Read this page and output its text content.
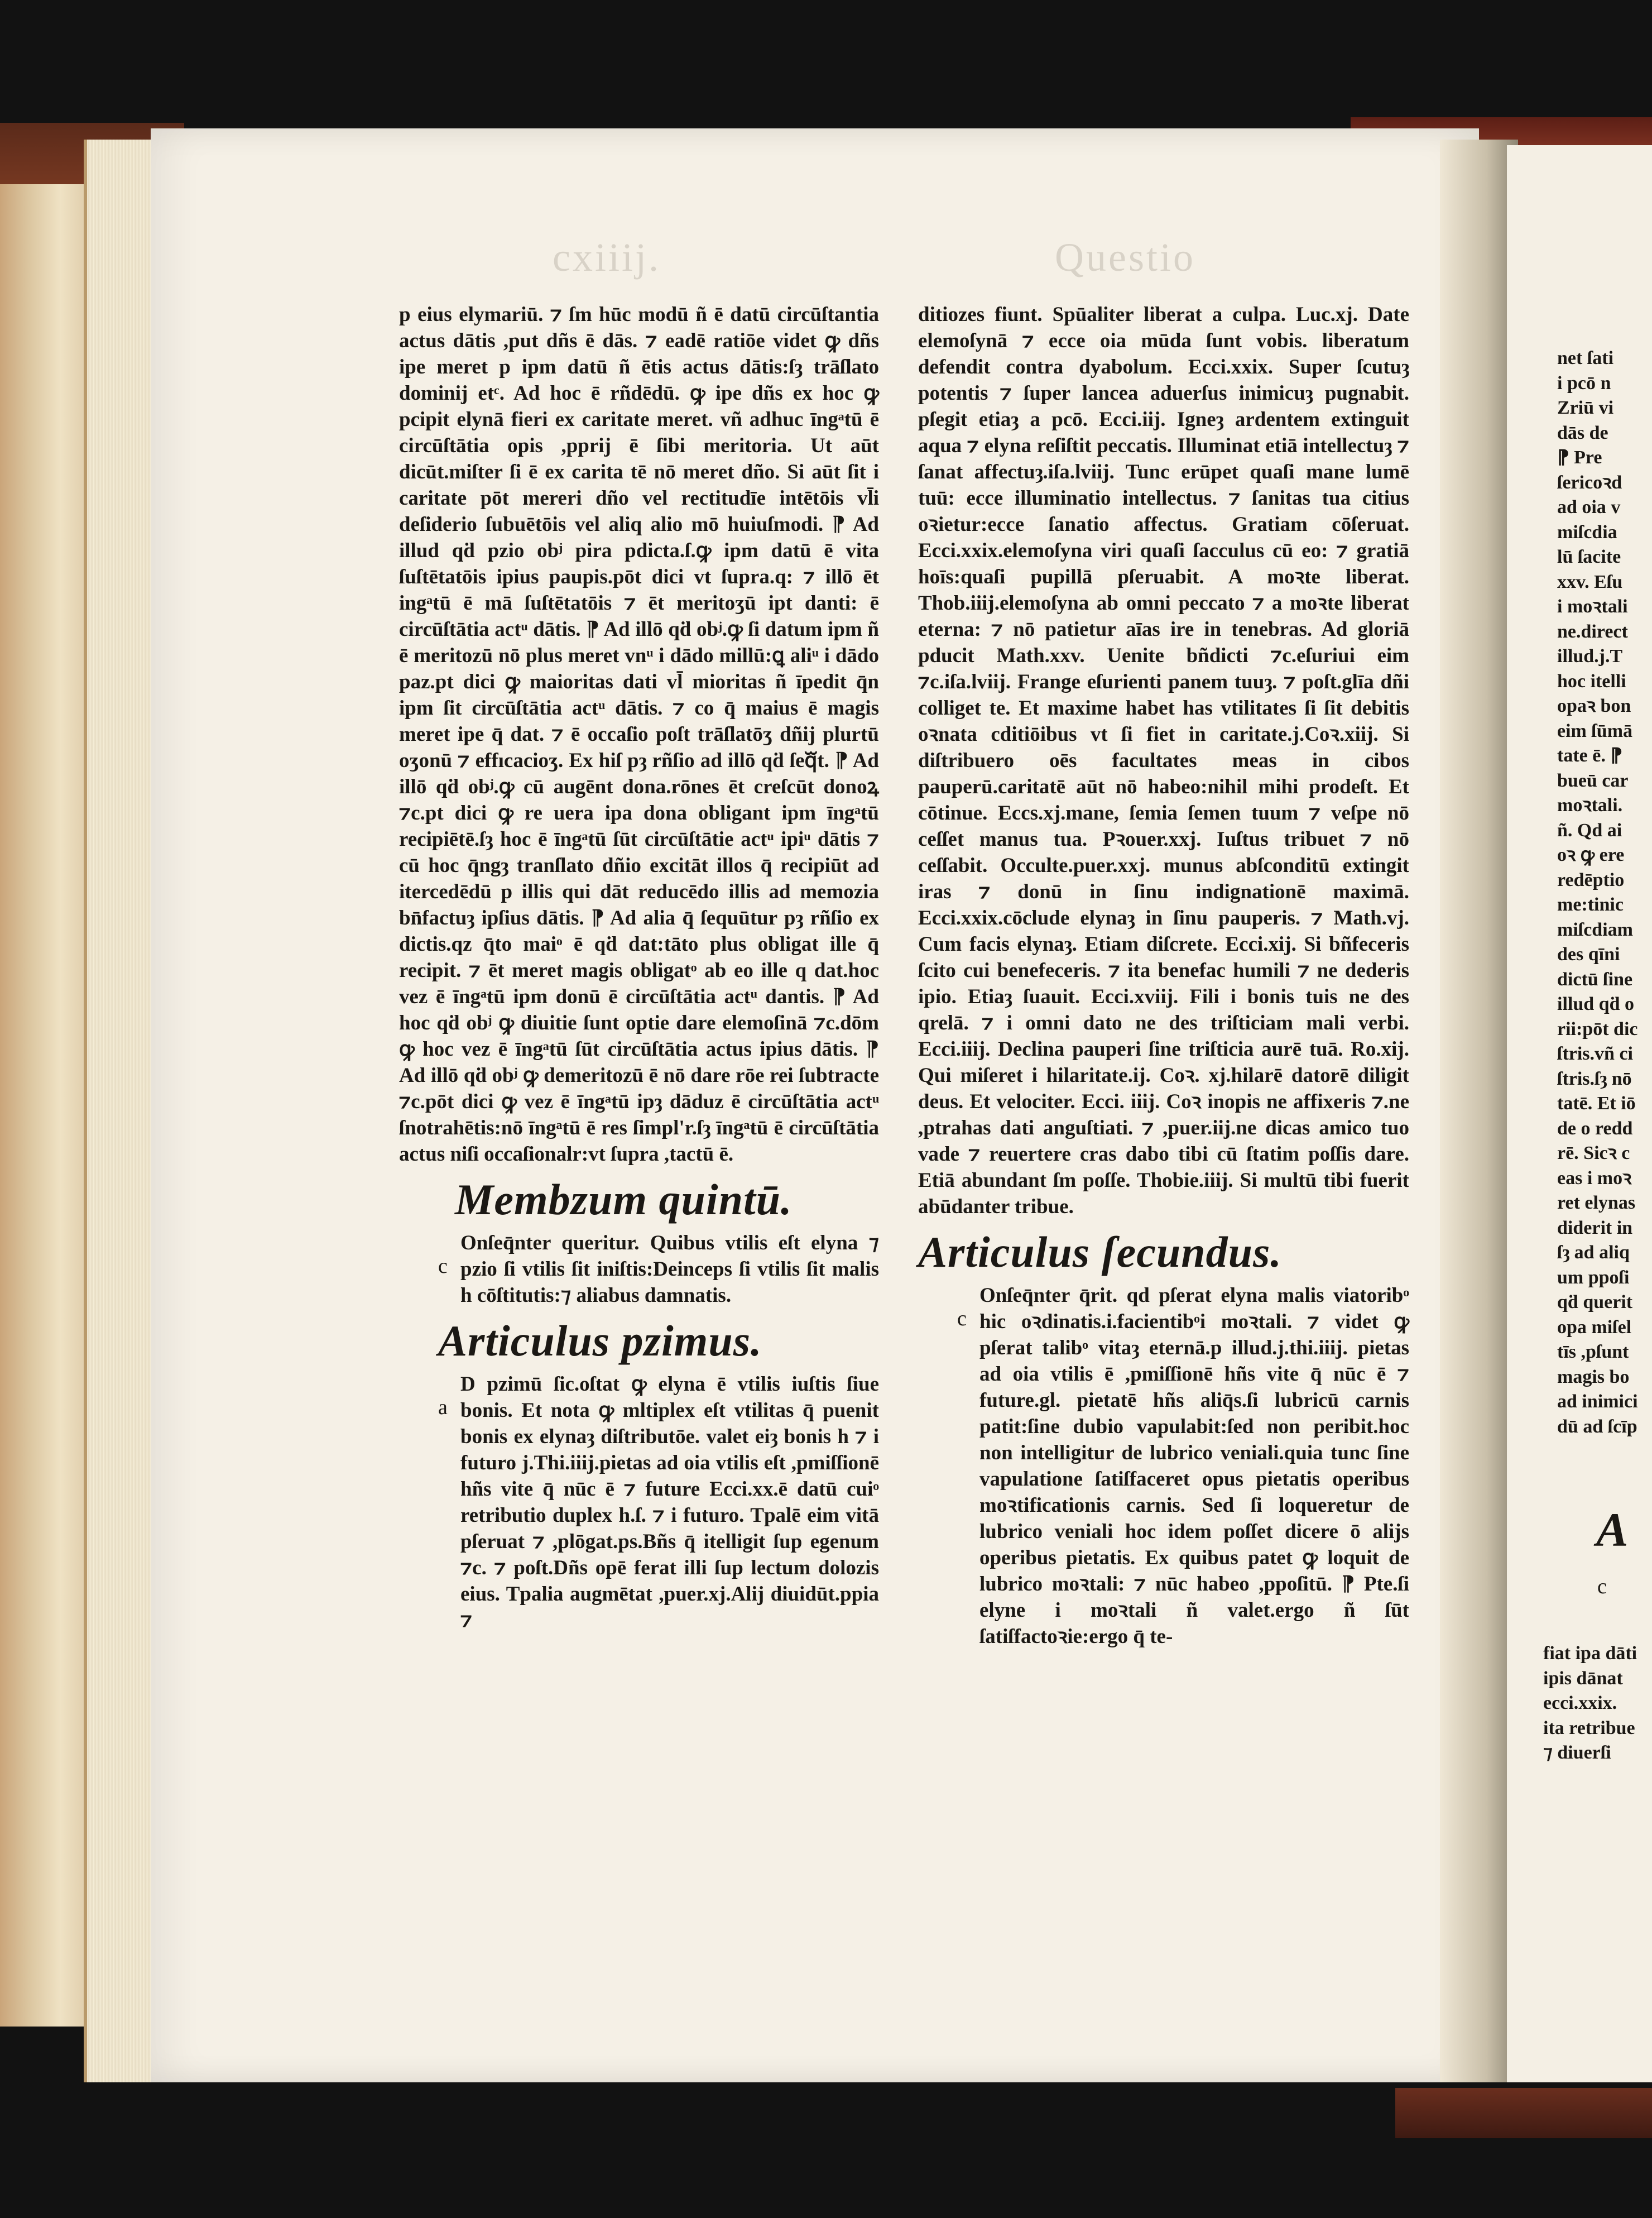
cxiiij.	Questio

p eius elymariū. ⁊ ſm hūc modū ñ ē datū circūſtantia actus dātis ,put dñs ē dās. ⁊ eadē ratiōe videt ꝙ dñs ipe meret p ipm datū ñ ētis actus dātis:ſȝ trāſlato dominij etᶜ. Ad hoc ē rñdēdū. ꝙ ipe dñs ex hoc ꝙ pcipit elynā fieri ex caritate meret. vñ adhuc īngᵃtū ē circūſtātia opis ,pprij ē ſibi meritoria. Ut aūt dicūt.miſter ſi ē ex carita tē nō meret dño. Si aūt ſit i caritate pōt mereri dño vel rectitudīe intētōis vl̄i deſiderio ſubuētōis vel aliq alio mō huiuſmodi. ⁋ Ad illud qḋ pzio obʲ pira pdicta.ſ.ꝙ ipm datū ē vita ſuſtētatōis ipius paupis.pōt dici vt ſupra.q: ⁊ illō ēt ingᵃtū ē mā ſuſtētatōis ⁊ ēt meritoʒū ipt danti: ē circūſtātia actᵘ dātis. ⁋ Ad illō qḋ obʲ.ꝙ ſi datum ipm ñ ē meritozū nō plus meret vnᵘ i dādo millū:ꝗ aliᵘ i dādo paz.pt dici ꝙ maioritas dati vl̄ mioritas ñ īpedit q̄n ipm ſit circūſtātia actᵘ dātis. ⁊ co q̄ maius ē magis meret ipe q̄ dat. ⁊ ē occaſio poſt trāſlatōʒ dñij plurtū oʒonū ⁊ effıcacioʒ. Ex hiſ pȝ rñſio ad illō qḋ ſeqᷓt. ⁋ Ad illō qḋ obʲ.ꝙ cū augēnt dona.rōnes ēt creſcūt donoꝝ ⁊c.pt dici ꝙ re uera ipa dona obligant ipm īngᵃtū recipiētē.ſȝ hoc ē īngᵃtū ſūt circūſtātie actᵘ ipiᵘ dātis ⁊ cū hoc q̄ngȝ tranſlato dñio excitāt illos q̄ recipiūt ad itercedēdū p illis qui dāt reducēdo illis ad memozia bn̄factuȝ ipſius dātis. ⁋ Ad alia q̄ ſequūtur pȝ rñſio ex dictis.qz q̄to maiᵒ ē qḋ dat:tāto plus obligat ille q̄ recipit. ⁊ ēt meret magis obligatᵒ ab eo ille q dat.hoc vez ē īngᵃtū ipm donū ē circūſtātia actᵘ dantis. ⁋ Ad hoc qḋ obʲ ꝙ diuitie ſunt optie dare elemoſinā ⁊c.dōm ꝙ hoc vez ē īngᵃtū ſūt circūſtātia actus ipius dātis. ⁋ Ad illō qḋ obʲ ꝙ demeritozū ē nō dare rōe rei ſubtracte ⁊c.pōt dici ꝙ vez ē īngᵃtū ipȝ dāduz ē circūſtātia actᵘ ſnotrahētis:nō īngᵃtū ē res ſimpl'r.ſȝ īngᵃtū ē circūſtātia actus niſi occaſionalr:vt ſupra ,tactū ē.

Membzum quintū.
c

Onſeq̄nter queritur. Quibus vtilis eſt elyna ⁊ pzio ſi vtilis ſit iniſtis:Deinceps ſi vtilis ſit malis h cōſtitutis:⁊ aliabus damnatis.

Articulus pzimus.
a

D pzimū ſic.oſtat ꝙ elyna ē vtilis iuſtis ſiue bonis. Et nota ꝙ mltiplex eſt vtilitas q̄ puenit bonis ex elynaȝ diſtributōe. valet eiȝ bonis h ⁊ i futuro j.Thi.iiij.pietas ad oia vtilis eſt ,pmiſſionē hñs vite q̄ nūc ē ⁊ future Ecci.xx.ē datū cuiᵒ retributio duplex h.ſ. ⁊ i futuro. Tpalē eim vitā pſeruat ⁊ ,plōgat.ps.Bñs q̄ itelligit ſup egenum ⁊c. ⁊ poſt.Dñs opē ferat illi ſup lectum dolozis eius. Tpalia augmētat ,puer.xj.Alij diuidūt.ppia ⁊

ditiozes fiunt. Spūaliter liberat a culpa. Luc.xj. Date elemoſynā ⁊ ecce oia mūda ſunt vobis. liberatum defendit contra dyabolum. Ecci.xxix. Super ſcutuȝ potentis ⁊ ſuper lancea aduerſus inimicuȝ pugnabit. pſegit etiaȝ a pcō. Ecci.iij. Igneȝ ardentem extinguit aqua ⁊ elyna reſiſtit peccatis. Illuminat etiā intellectuȝ ⁊ ſanat affectuȝ.iſa.lviij. Tunc erūpet quaſi mane lumē tuū: ecce illuminatio intellectus. ⁊ ſanitas tua citius oꝛietur:ecce ſanatio affectus. Gratiam cōſeruat. Ecci.xxix.elemoſyna viri quaſi ſacculus cū eo: ⁊ gratiā hoīs:quaſi pupillā pſeruabit. A moꝛte liberat. Thob.iiij.elemoſyna ab omni peccato ⁊ a moꝛte liberat eterna: ⁊ nō patietur aīas ire in tenebras. Ad gloriā pducit Math.xxv. Uenite bñdicti ⁊c.eſuriui eim ⁊c.iſa.lviij. Frange eſurienti panem tuuȝ. ⁊ poſt.glīa dñi colliget te. Et maxime habet has vtilitates ſi ſit debitis oꝛnata cditiōibus vt ſi fiet in caritate.j.Coꝛ.xiij. Si diſtribuero oēs facultates meas in cibos pauperū.caritatē aūt nō habeo:nihil mihi prodeſt. Et cōtinue. Eccs.xj.mane, ſemia ſemen tuum ⁊ veſpe nō ceſſet manus tua. Pꝛouer.xxj. Iuſtus tribuet ⁊ nō ceſſabit. Occulte.puer.xxj. munus abſconditū extingit iras ⁊ donū in ſinu indignationē maximā. Ecci.xxix.cōclude elynaȝ in ſinu pauperis. ⁊ Math.vj. Cum facis elynaȝ. Etiam diſcrete. Ecci.xij. Si bñfeceris ſcito cui benefeceris. ⁊ ita benefac humili ⁊ ne dederis ipio. Etiaȝ ſuauit. Ecci.xviij. Fili i bonis tuis ne des qrelā. ⁊ i omni dato ne des triſticiam mali verbi. Ecci.iiij. Declina pauperi ſine triſticia aurē tuā. Ro.xij. Qui miſeret i hilaritate.ij. Coꝛ. xj.hilarē datorē diligit deus. Et velociter. Ecci. iiij. Coꝛ inopis ne affixeris ⁊.ne ,ptrahas dati anguſtiati. ⁊ ,puer.iij.ne dicas amico tuo vade ⁊ reuertere cras dabo tibi cū ſtatim poſſis dare. Etiā abundant ſm poſſe. Thobie.iiij. Si multū tibi fuerit abūdanter tribue.

Articulus ſecundus.
c

Onſeq̄nter q̄rit. qd pſerat elyna malis viatoribᵒ hic oꝛdinatis.i.facientibᵒi moꝛtali. ⁊ videt ꝙ pſerat talibᵒ vitaȝ eternā.p illud.j.thi.iiij. pietas ad oia vtilis ē ,pmiſſionē hñs vite q̄ nūc ē ⁊ future.gl. pietatē hñs aliq̄s.ſi lubricū carnis patit:ſine dubio vapulabit:ſed non peribit.hoc non intelligitur de lubrico veniali.quia tunc ſine vapulatione ſatiſfaceret opus pietatis operibus moꝛtificationis carnis. Sed ſi loqueretur de lubrico veniali hoc idem poſſet dicere ō alijs operibus pietatis. Ex quibus patet ꝙ loquit de lubrico moꝛtali: ⁊ nūc habeo ,ppoſitū. ⁋ Pte.ſi elyne i moꝛtali ñ valet.ergo ñ ſūt ſatiſfactoꝛie:ergo q̄ te-

net ſati
i pcō n
Zriū vi
dās de
⁋ Pre
ſericoꝛd
ad oia v
miſcdia
lū ſacite
xxv. Eſu
i moꝛtali
ne.direct
illud.j.T
hoc itelli
opaꝛ bon
eim ſūmā
tate ē. ⁋
bueū car
moꝛtali.
ñ. Qd ai
oꝛ ꝙ ere
redēptio
me:tinic
miſcdiam
des qīni
dictū ſine
illud qḋ o
rii:pōt dic
ſtris.vñ ci
ſtris.ſȝ nō
tatē. Et iō
de o redd
rē. Sicꝛ c
eas i moꝛ
ret elynas
diderit in
ſȝ ad aliq
um ppoſi
qḋ querit
opa miſel
tīs ,pſunt
magis bo
ad inimici
dū ad ſcīp
A
c
fiat ipa dāti
ipis dānat
ecci.xxix.
ita retribue
⁊ diuerſi
